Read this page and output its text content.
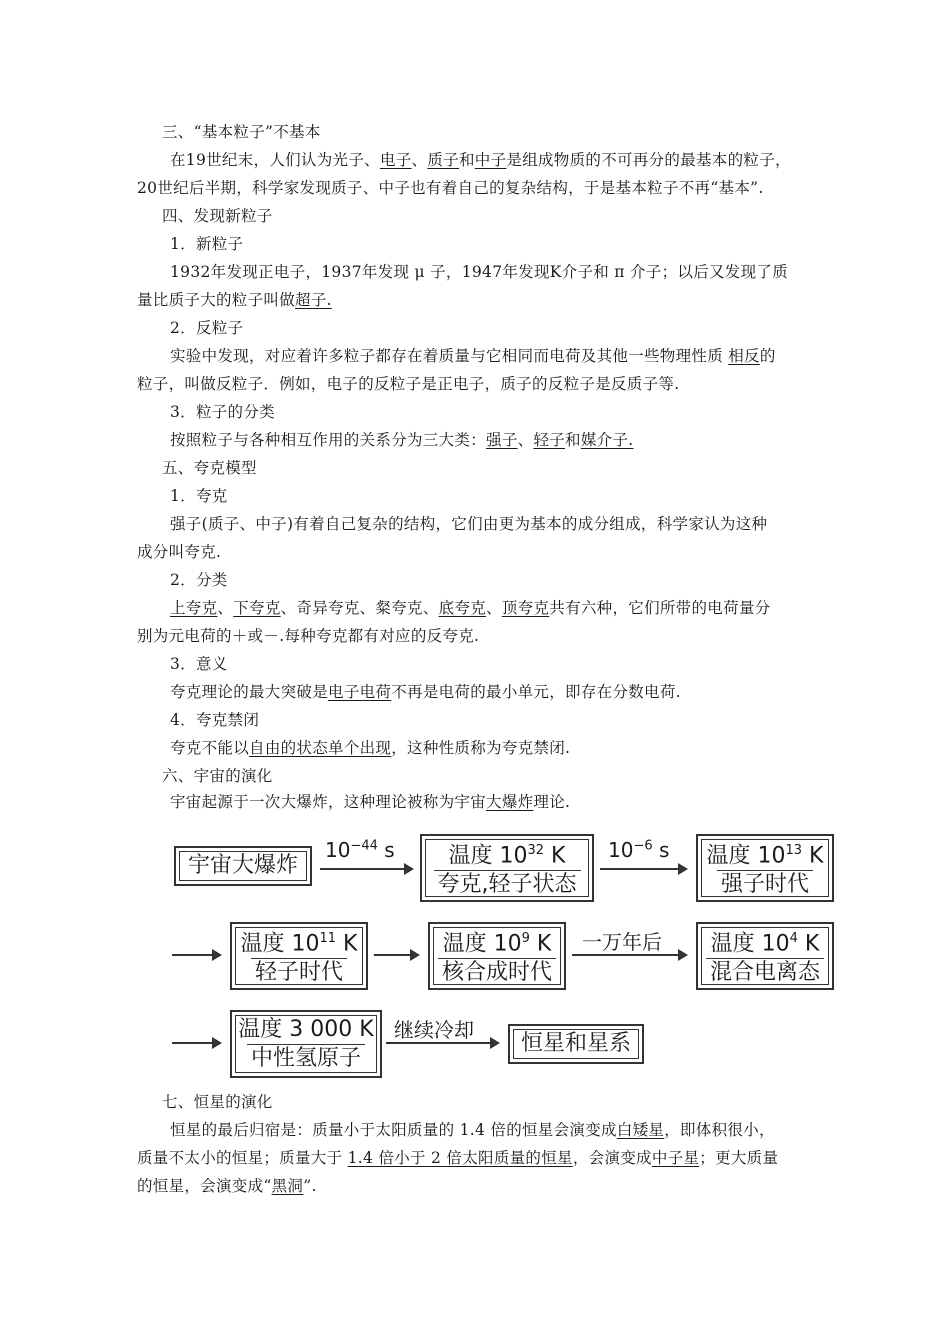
三、“基本粒子”不基本
在19世纪末，人们认为光子、电子、质子和中子是组成物质的不可再分的最基本的粒子，
20世纪后半期，科学家发现质子、中子也有着自己的复杂结构，于是基本粒子不再“基本”.
四、发现新粒子
1．新粒子
1932年发现正电子，1937年发现 μ 子，1947年发现K介子和 π 介子；以后又发现了质
量比质子大的粒子叫做超子.
2．反粒子
实验中发现，对应着许多粒子都存在着质量与它相同而电荷及其他一些物理性质 相反的
粒子，叫做反粒子．例如，电子的反粒子是正电子，质子的反粒子是反质子等.
3．粒子的分类
按照粒子与各种相互作用的关系分为三大类：强子、轻子和媒介子.
五、夸克模型
1．夸克
强子(质子、中子)有着自己复杂的结构，它们由更为基本的成分组成，科学家认为这种
成分叫夸克.
2．分类
上夸克、下夸克、奇异夸克、粲夸克、底夸克、顶夸克共有六种，它们所带的电荷量分
别为元电荷的＋或－.每种夸克都有对应的反夸克.
3．意义
夸克理论的最大突破是电子电荷不再是电荷的最小单元，即存在分数电荷.
4．夸克禁闭
夸克不能以自由的状态单个出现，这种性质称为夸克禁闭.
六、宇宙的演化
宇宙起源于一次大爆炸，这种理论被称为宇宙大爆炸理论.
七、恒星的演化
恒星的最后归宿是：质量小于太阳质量的 1.4 倍的恒星会演变成白矮星，即体积很小，
质量不太小的恒星；质量大于 1.4 倍小于 2 倍太阳质量的恒星，会演变成中子星；更大质量
的恒星，会演变成“黑洞”.
宇宙大爆炸
$10^{-44}$ s 温度 $10^{32}$ K
夸克,轻子状态
$10^{-6}$ s 温度 $10^{13}$ K
强子时代
温度 $10^{11}$ K
轻子时代
温度 $10^9$ K
核合成时代
一万年后 温度 $10^4$ K
混合电离态
温度 3 000 K
中性氢原子
继续冷却
恒星和星系
